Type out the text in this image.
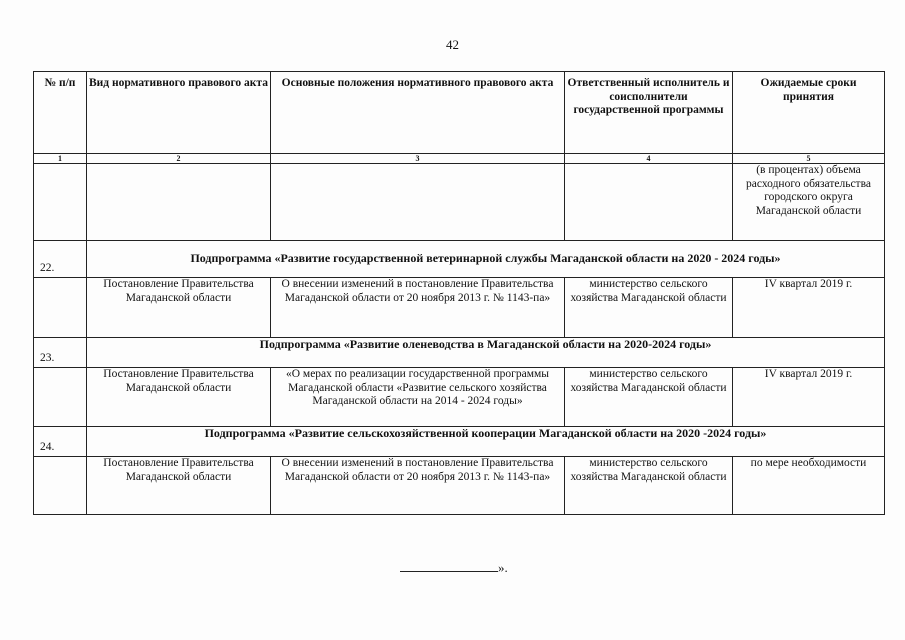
42
№ п/п	Вид нормативного правового акта	Основные положения нормативного правового акта	Ответственный исполнитель и соисполнители государственной программы	Ожидаемые сроки принятия
1	2	3	4	5
				(в процентах) объема расходного обязательства городского округа Магаданской области
22.	Подпрограмма «Развитие государственной ветеринарной службы Магаданской области на 2020 - 2024 годы»			
	Постановление Правительства Магаданской области	О внесении изменений в постановление Правительства Магаданской области от 20 ноября 2013 г. № 1143-па»	министерство сельского хозяйства Магаданской области	IV квартал 2019 г.
23.	Подпрограмма «Развитие оленеводства в Магаданской области на 2020-2024 годы»			
	Постановление Правительства Магаданской области	«О мерах по реализации государственной программы Магаданской области «Развитие сельского хозяйства Магаданской области на 2014 - 2024 годы»	министерство сельского хозяйства Магаданской области	IV квартал 2019 г.
24.	Подпрограмма «Развитие сельскохозяйственной кооперации Магаданской области на 2020 -2024 годы»			
	Постановление Правительства Магаданской области	О внесении изменений в постановление Правительства Магаданской области от 20 ноября 2013 г. № 1143-па»	министерство сельского хозяйства Магаданской области	по мере необходимости
».
